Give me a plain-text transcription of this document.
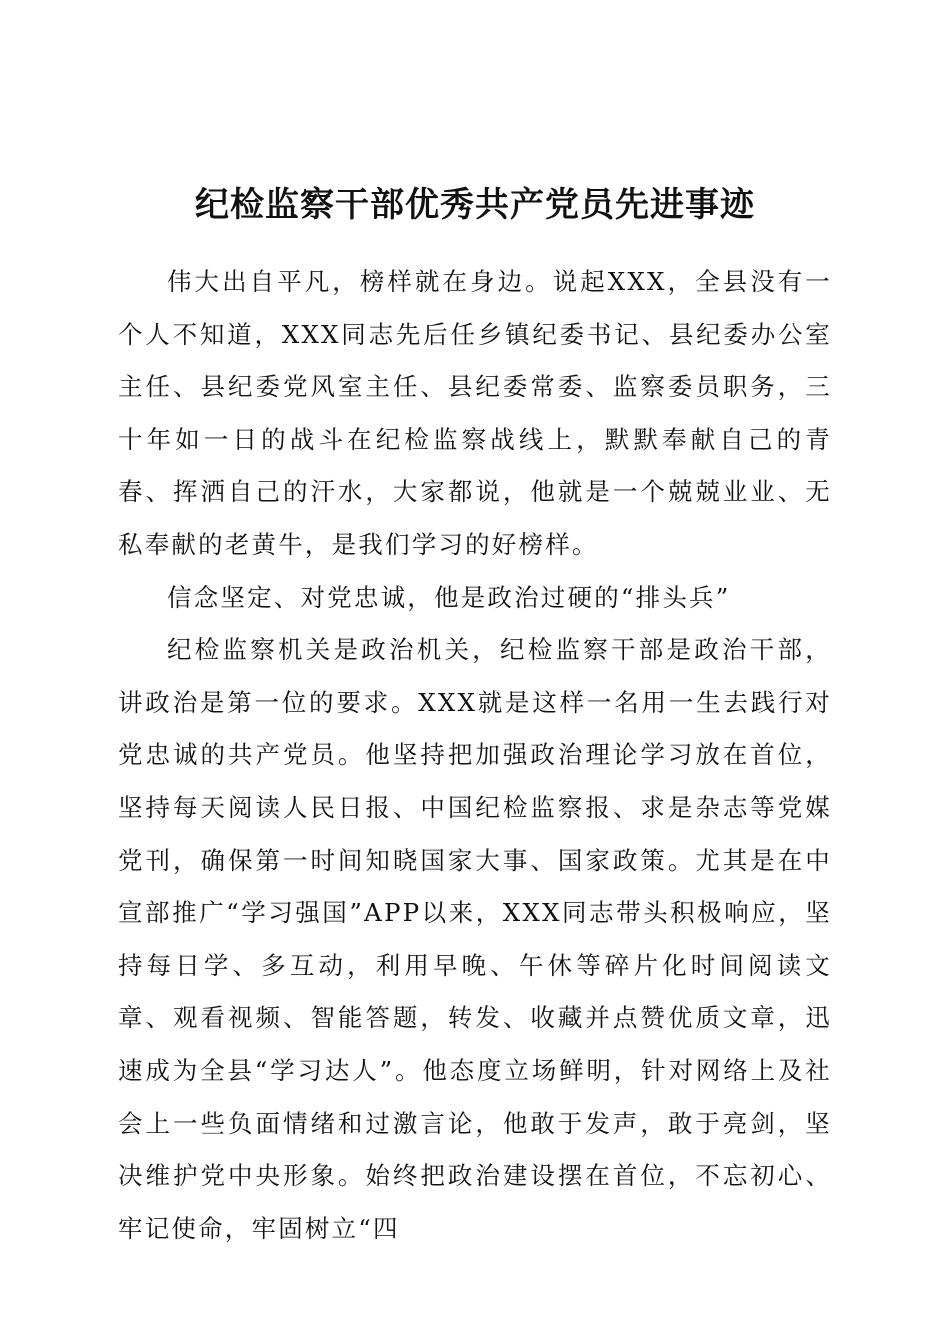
纪检监察干部优秀共产党员先进事迹

伟大出自平凡，榜样就在身边。说起XXX，全县没有一个人不知道，XXX同志先后任乡镇纪委书记、县纪委办公室主任、县纪委党风室主任、县纪委常委、监察委员职务，三十年如一日的战斗在纪检监察战线上，默默奉献自己的青春、挥洒自己的汗水，大家都说，他就是一个兢兢业业、无私奉献的老黄牛，是我们学习的好榜样。

信念坚定、对党忠诚，他是政治过硬的“排头兵”

纪检监察机关是政治机关，纪检监察干部是政治干部，讲政治是第一位的要求。XXX就是这样一名用一生去践行对党忠诚的共产党员。他坚持把加强政治理论学习放在首位，坚持每天阅读人民日报、中国纪检监察报、求是杂志等党媒党刊，确保第一时间知晓国家大事、国家政策。尤其是在中宣部推广“学习强国”APP以来，XXX同志带头积极响应，坚持每日学、多互动，利用早晚、午休等碎片化时间阅读文章、观看视频、智能答题，转发、收藏并点赞优质文章，迅速成为全县“学习达人”。他态度立场鲜明，针对网络上及社会上一些负面情绪和过激言论，他敢于发声，敢于亮剑，坚决维护党中央形象。始终把政治建设摆在首位，不忘初心、牢记使命，牢固树立“四
